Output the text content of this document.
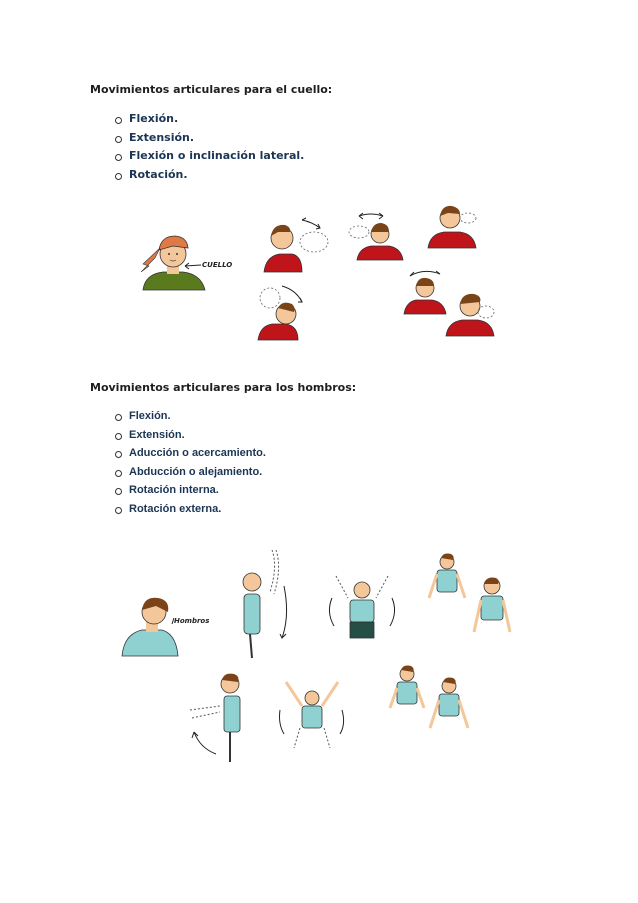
Movimientos articulares para el cuello:
Flexión.
Extensión.
Flexión o inclinación lateral.
Rotación.
CUELLO
Movimientos articulares para los hombros:
Flexión.
Extensión.
Aducción o acercamiento.
Abducción o alejamiento.
Rotación interna.
Rotación externa.
Hombros
